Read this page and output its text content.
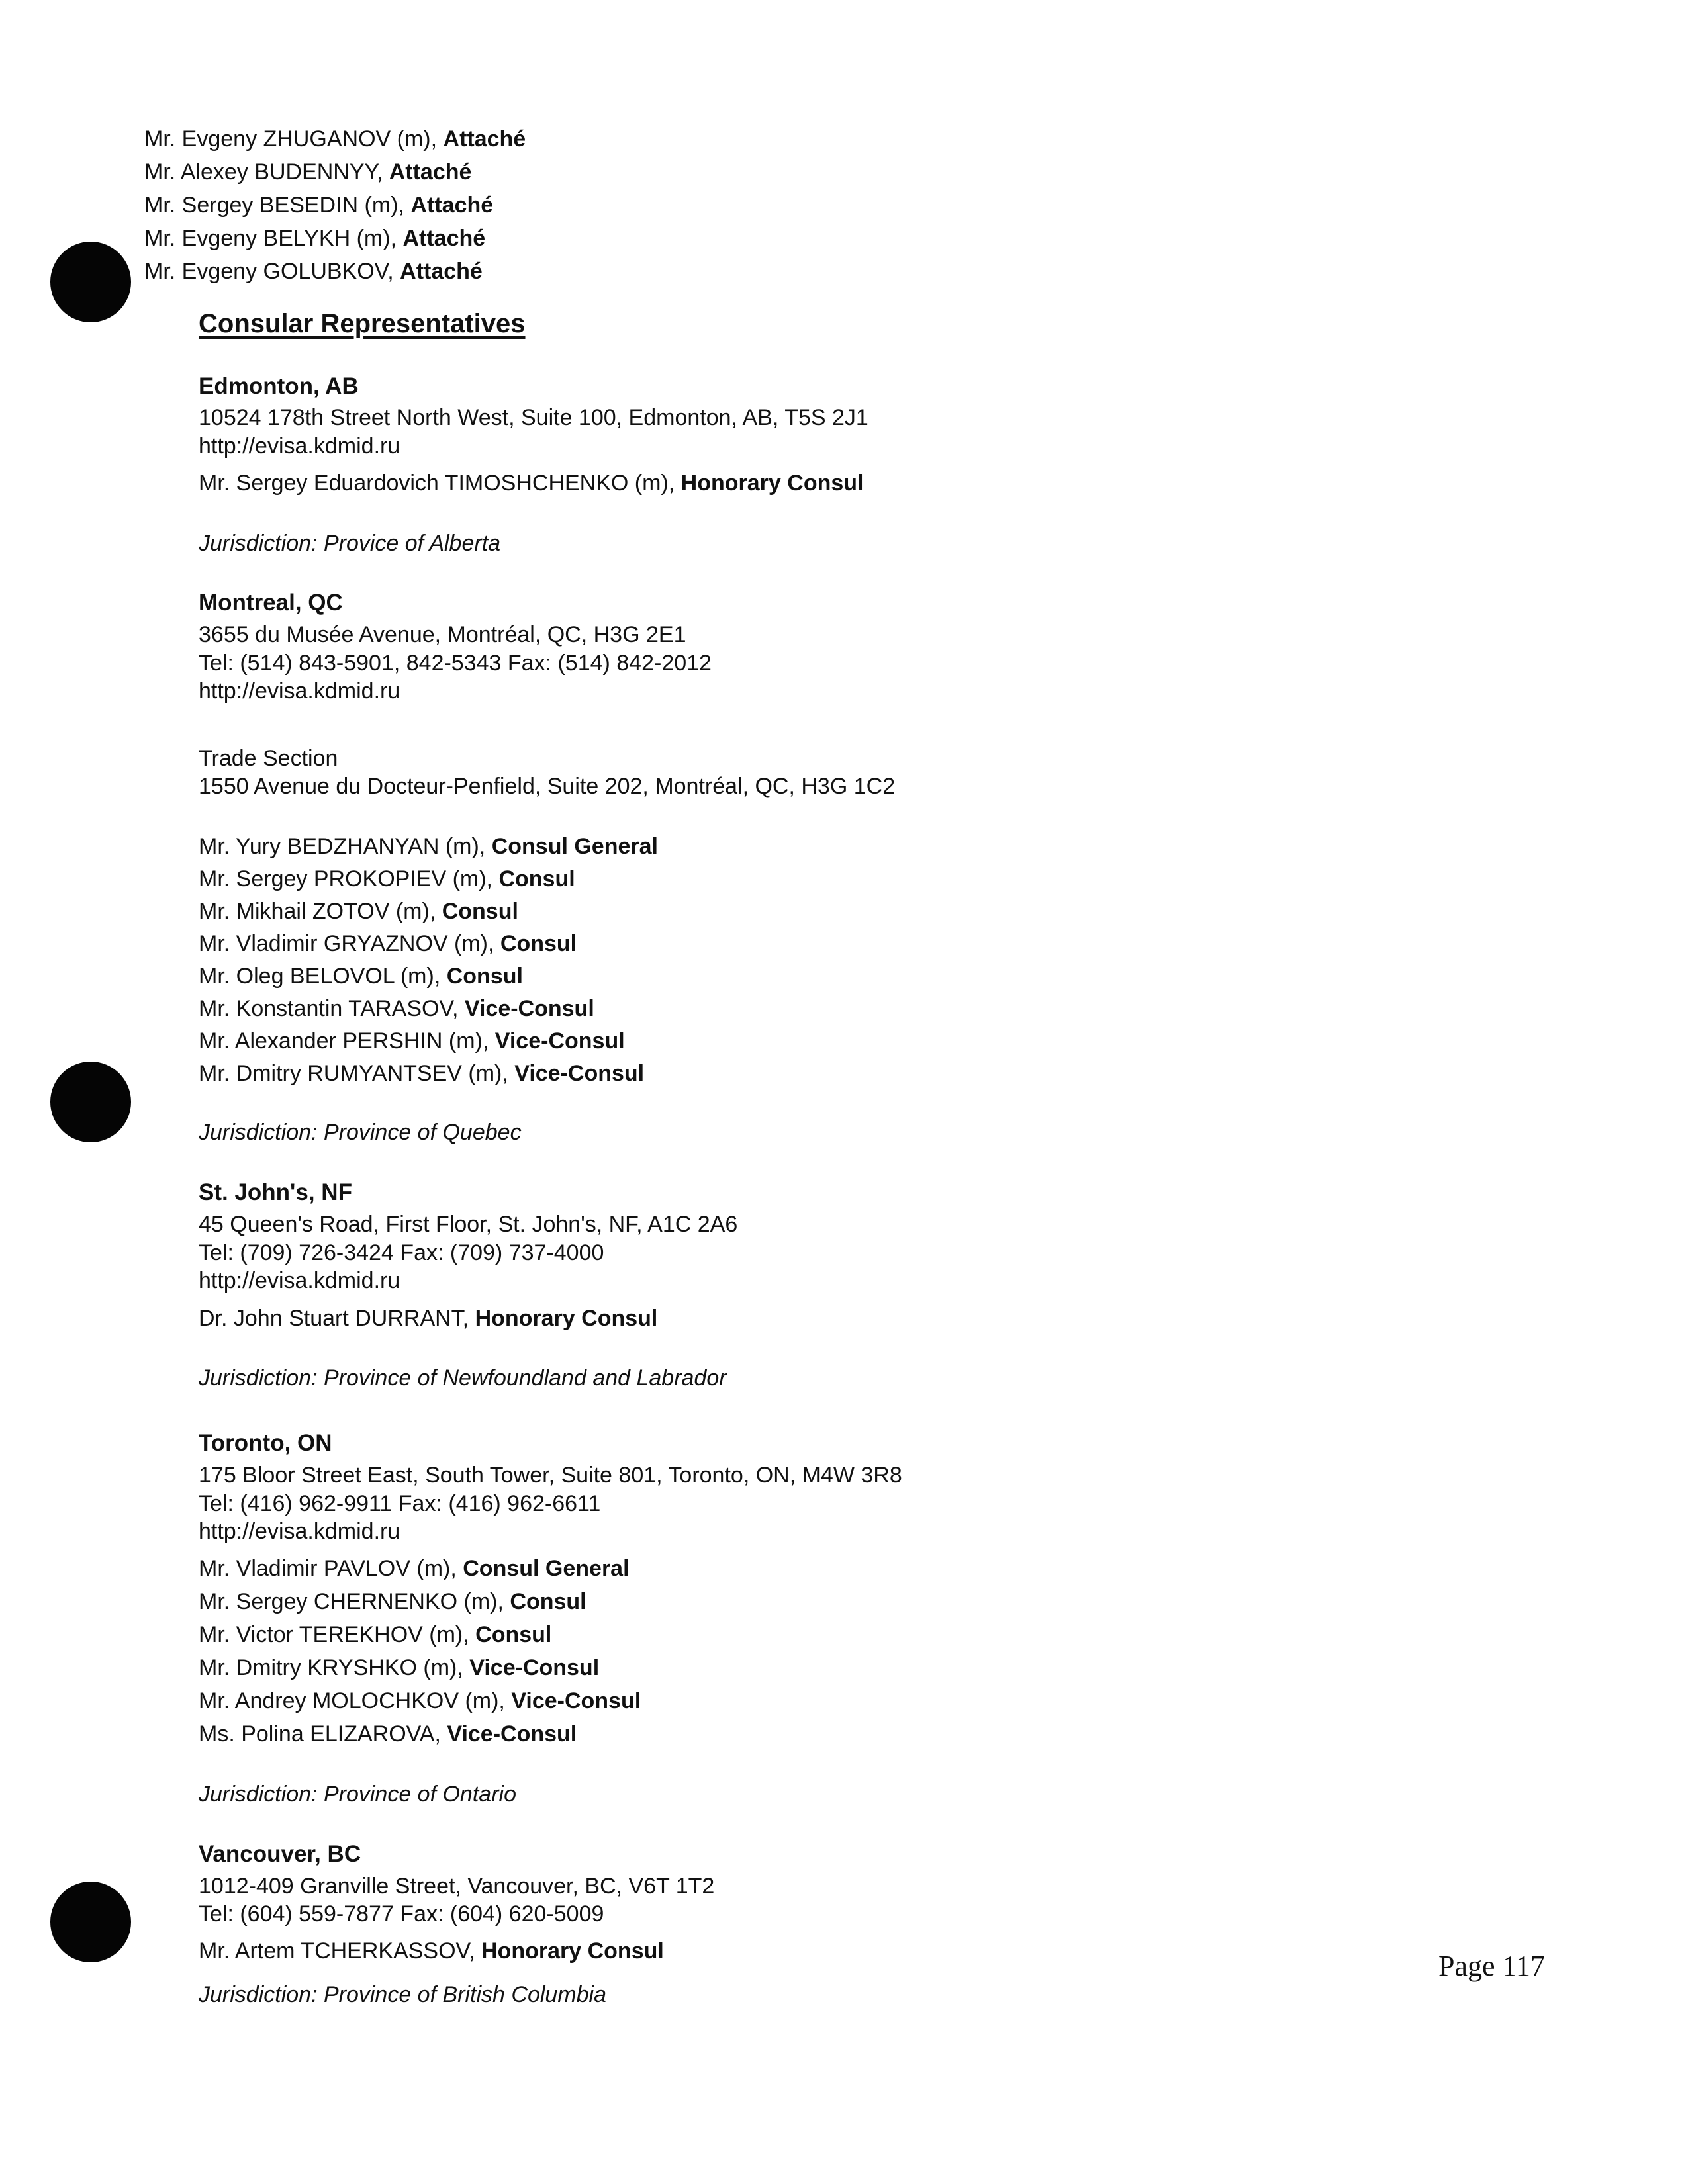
Mr. Evgeny ZHUGANOV (m), Attaché
Mr. Alexey BUDENNYY, Attaché
Mr. Sergey BESEDIN (m), Attaché
Mr. Evgeny BELYKH (m), Attaché
Mr. Evgeny GOLUBKOV, Attaché
Consular Representatives
Edmonton, AB
10524 178th Street North West, Suite 100, Edmonton, AB, T5S 2J1
http://evisa.kdmid.ru
Mr. Sergey Eduardovich TIMOSHCHENKO (m), Honorary Consul
Jurisdiction: Provice of Alberta
Montreal, QC
3655 du Musée Avenue, Montréal, QC, H3G 2E1
Tel: (514) 843-5901, 842-5343 Fax: (514) 842-2012
http://evisa.kdmid.ru
Trade Section
1550 Avenue du Docteur-Penfield, Suite 202, Montréal, QC, H3G 1C2
Mr. Yury BEDZHANYAN (m), Consul General
Mr. Sergey PROKOPIEV (m), Consul
Mr. Mikhail ZOTOV (m), Consul
Mr. Vladimir GRYAZNOV (m), Consul
Mr. Oleg BELOVOL (m), Consul
Mr. Konstantin TARASOV, Vice-Consul
Mr. Alexander PERSHIN (m), Vice-Consul
Mr. Dmitry RUMYANTSEV (m), Vice-Consul
Jurisdiction: Province of Quebec
St. John's, NF
45 Queen's Road, First Floor, St. John's, NF, A1C 2A6
Tel: (709) 726-3424 Fax: (709) 737-4000
http://evisa.kdmid.ru
Dr. John Stuart DURRANT, Honorary Consul
Jurisdiction: Province of Newfoundland and Labrador
Toronto, ON
175 Bloor Street East, South Tower, Suite 801, Toronto, ON, M4W 3R8
Tel: (416) 962-9911 Fax: (416) 962-6611
http://evisa.kdmid.ru
Mr. Vladimir PAVLOV (m), Consul General
Mr. Sergey CHERNENKO (m), Consul
Mr. Victor TEREKHOV (m), Consul
Mr. Dmitry KRYSHKO (m), Vice-Consul
Mr. Andrey MOLOCHKOV (m), Vice-Consul
Ms. Polina ELIZAROVA, Vice-Consul
Jurisdiction: Province of Ontario
Vancouver, BC
1012-409 Granville Street, Vancouver, BC, V6T 1T2
Tel: (604) 559-7877 Fax: (604) 620-5009
Mr. Artem TCHERKASSOV, Honorary Consul
Jurisdiction: Province of British Columbia
Page 117
